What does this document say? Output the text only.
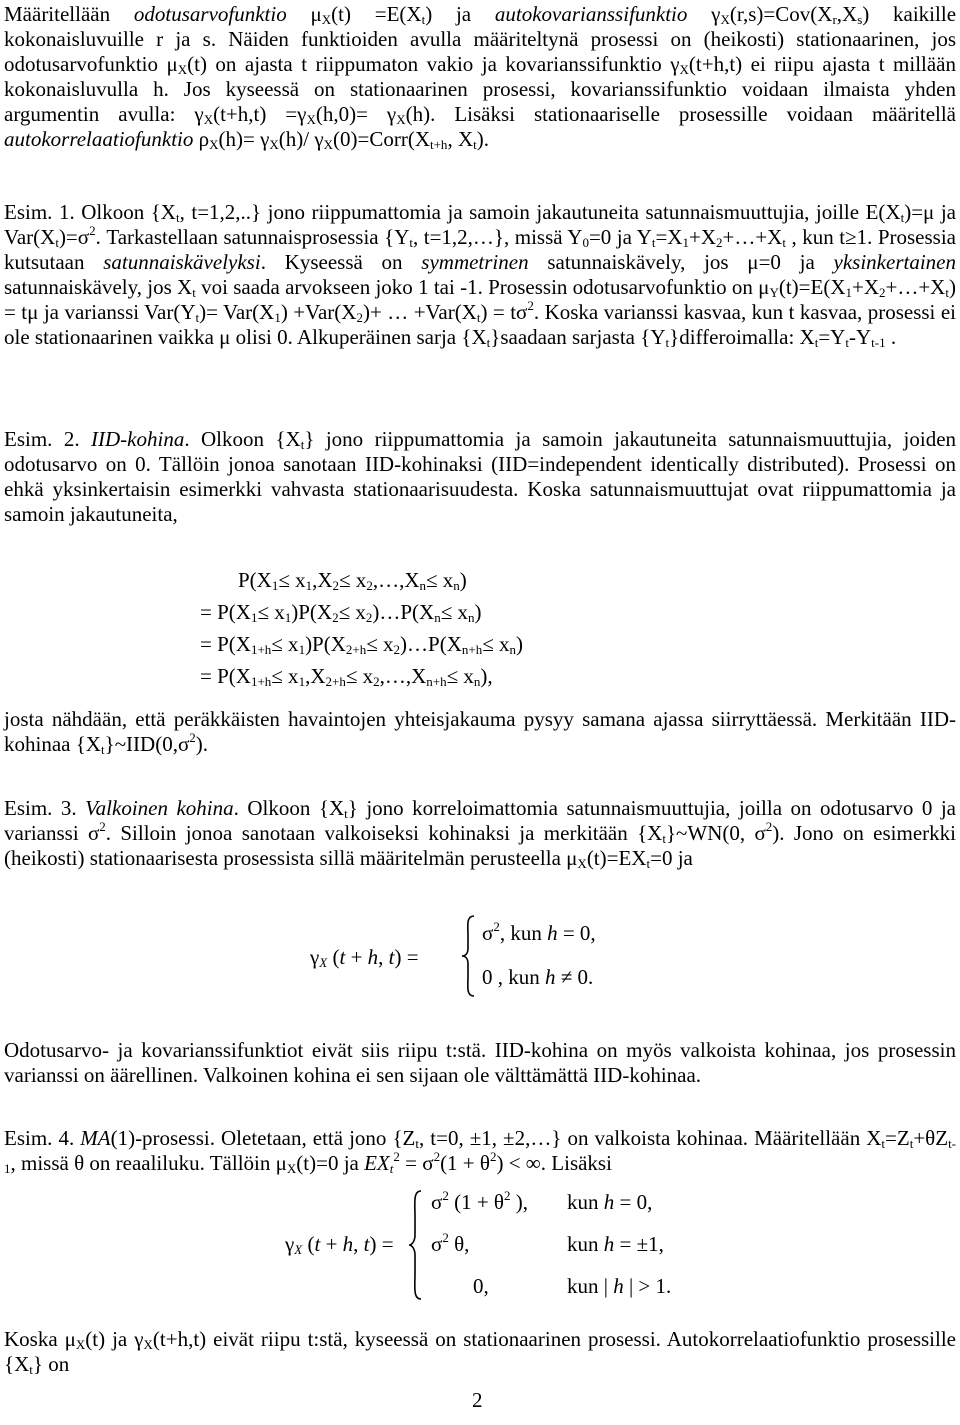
Määritellään odotusarvofunktio $\mu_X(t) =E(X_t)$ ja autokovarianssifunktio $\gamma_X(r,s)=Cov(X_r,X_s)$ kaikille kokonaisluvuille r ja s. Näiden funktioiden avulla määriteltynä prosessi on (heikosti) stationaarinen, jos odotusarvofunktio $\mu_X(t)$ on ajasta t riippumaton vakio ja kovarianssifunktio $\gamma_X(t+h,t)$ ei riipu ajasta t millään kokonaisluvulla h. Jos kyseessä on stationaarinen prosessi, kovarianssifunktio voidaan ilmaista yhden argumentin avulla: $\gamma_X(t+h,t) =\gamma_X(h,0)= \gamma_X(h)$. Lisäksi stationaariselle prosessille voidaan määritellä autokorrelaatiofunktio $\rho_X(h)= \gamma_X(h)/$ $\gamma_X(0)=Corr(X_{t+h}$, $X_t$).

Esim. 1. Olkoon {$X_t$, t=1,2,..} jono riippumattomia ja samoin jakautuneita satunnaismuuttujia, joille $E(X_t)=\mu$ ja $Var(X_t)=\sigma^2$. Tarkastellaan satunnaisprosessia {$Y_t$, t=1,2,…}, missä $Y_0=0$ ja $Y_t=X_1+X_2+\dots+X_t$ , kun t≥1. Prosessia kutsutaan satunnaiskävelyksi. Kyseessä on symmetrinen satunnaiskävely, jos μ=0 ja yksinkertainen satunnaiskävely, jos $X_t$ voi saada arvokseen joko 1 tai -1. Prosessin odotusarvofunktio on $\mu_Y(t)=E(X_1+X_2+\dots+X_t) = t\mu$ ja varianssi $Var(Y_t)= Var(X_1) +Var(X_2)+$ … $+Var(X_t) = t\sigma^2$. Koska varianssi kasvaa, kun t kasvaa, prosessi ei ole stationaarinen vaikka μ olisi 0. Alkuperäinen sarja $\{X_t\}saadaan$ sarjasta $\{Y_t\}differoimalla$: $X_t=Y_t-Y_{t-1}$ .

Esim. 2. IID-kohina. Olkoon $\{X_t\}$ jono riippumattomia ja samoin jakautuneita satunnaismuuttujia, joiden odotusarvo on 0. Tällöin jonoa sanotaan IID-kohinaksi (IID=independent identically distributed). Prosessi on ehkä yksinkertaisin esimerkki vahvasta stationaarisuudesta. Koska satunnaismuuttujat ovat riippumattomia ja samoin jakautuneita,

$P(X_1\le x_1,X_2\le$ $x_2,\dots,X_n\le x_n$)
= $P(X_1\le x_1)P(X_2\le$ $x_2)\dots P(X_n\le x_n)$
= $P(X_{1+h}\le x_1)P(X_{2+h}\le$ $x_2)\dots P(X_{n+h}\le x_n)$
= $P(X_{1+h}\le x_1,X_{2+h}\le$ $x_2,\dots,X_{n+h}\le x_n$),

josta nähdään, että peräkkäisten havaintojen yhteisjakauma pysyy samana ajassa siirryttäessä. Merkitään IID-kohinaa $\{X_t\}\sim IID(0,\sigma^2)$.

Esim. 3. Valkoinen kohina. Olkoon $\{X_t\}$ jono korreloimattomia satunnaismuuttujia, joilla on odotusarvo 0 ja varianssi $\sigma^2$. Silloin jonoa sanotaan valkoiseksi kohinaksi ja merkitään $\{X_t\}\sim WN(0$, $\sigma^2$). Jono on esimerkki (heikosti) stationaarisesta prosessista sillä määritelmän perusteella $\mu_X(t)=EX_t=0$ ja

$\gamma_X$ (t + h, t) =
$\sigma^2$, kun h = 0,
0 , kun h ≠ 0.

Odotusarvo- ja kovarianssifunktiot eivät siis riipu t:stä. IID-kohina on myös valkoista kohinaa, jos prosessin varianssi on äärellinen. Valkoinen kohina ei sen sijaan ole välttämättä IID-kohinaa.

Esim. 4. MA(1)-prosessi. Oletetaan, että jono {$Z_t$, t=0, ±1, ±2,…} on valkoista kohinaa. Määritellään $X_t=Z_t+\theta Z_{t-1}$, missä θ on reaaliluku. Tällöin $\mu_X(t)=0$ ja $EX_t^2 = \sigma^2(1 + \theta^2)$ < ∞. Lisäksi

$\gamma_X$ (t + h, t) =
$\sigma^2$ ($1 + \theta^2$ ),
$\sigma^2$ θ,
0,
kun h = 0,
kun h = ±1,
kun | h | > 1.

Koska $\mu_X(t)$ ja $\gamma_X(t+h,t)$ eivät riipu t:stä, kyseessä on stationaarinen prosessi. Autokorrelaatiofunktio prosessille $\{X_t\}$ on

2
